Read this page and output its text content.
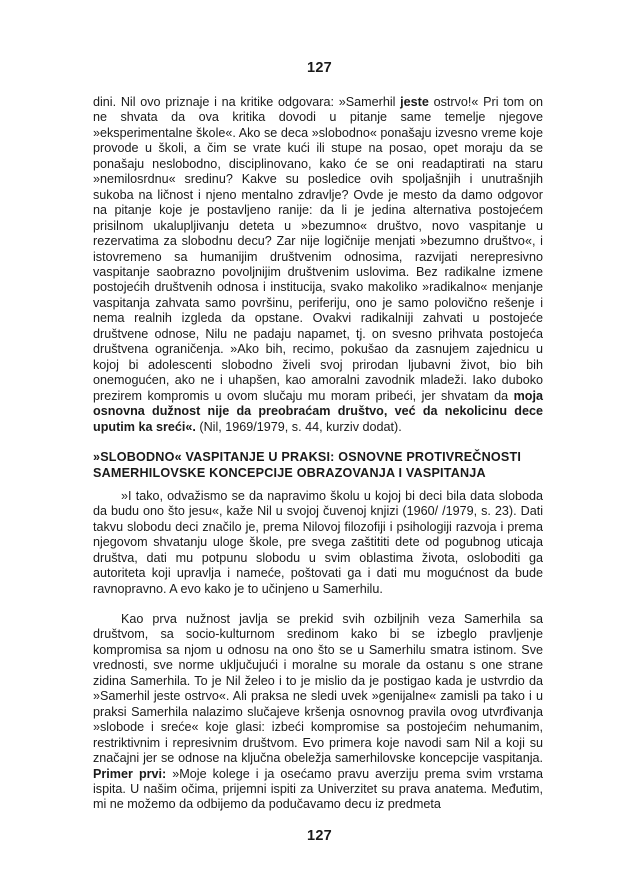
127
dini. Nil ovo priznaje i na kritike odgovara: »Samerhil jeste ostrvo!« Pri tom on ne shvata da ova kritika dovodi u pitanje same temelje njegove »eksperimentalne škole«. Ako se deca »slobodno« ponašaju izvesno vreme koje provode u školi, a čim se vrate kući ili stupe na posao, opet moraju da se ponašaju neslobodno, disciplinovano, kako će se oni readaptirati na staru »nemilosrdnu« sredinu? Kakve su posledice ovih spoljašnjih i unutrašnjih sukoba na ličnost i njeno mentalno zdravlje? Ovde je mesto da damo odgovor na pitanje koje je postavljeno ranije: da li je jedina alternativa postojećem prisilnom ukalupljivanju deteta u »bezumno« društvo, novo vaspitanje u rezervatima za slobodnu decu? Zar nije logičnije menjati »bezumno društvo«, i istovremeno sa humanijim društvenim odnosima, razvijati nerepresivno vaspitanje saobrazno povoljnijim društvenim uslovima. Bez radikalne izmene postojećih društvenih odnosa i institucija, svako makoliko »radikalno« menjanje vaspitanja zahvata samo površinu, periferiju, ono je samo polovično rešenje i nema realnih izgleda da opstane. Ovakvi radikalniji zahvati u postojeće društvene odnose, Nilu ne padaju napamet, tj. on svesno prihvata postojeća društvena ograničenja. »Ako bih, recimo, pokušao da zasnujem zajednicu u kojoj bi adolescenti slobodno živeli svoj prirodan ljubavni život, bio bih onemogućen, ako ne i uhapšen, kao amoralni zavodnik mladeži. Iako duboko prezirem kompromis u ovom slučaju mu moram pribeći, jer shvatam da moja osnovna dužnost nije da preobraćam društvo, već da nekolicinu dece uputim ka sreći«. (Nil, 1969/1979, s. 44, kurziv dodat).
»SLOBODNO« VASPITANJE U PRAKSI: OSNOVNE PROTIVREČNOSTI SAMERHILOVSKE KONCEPCIJE OBRAZOVANJA I VASPITANJA
»I tako, odvažismo se da napravimo školu u kojoj bi deci bila data sloboda da budu ono što jesu«, kaže Nil u svojoj čuvenoj knjizi (1960/ /1979, s. 23). Dati takvu slobodu deci značilo je, prema Nilovoj filozofiji i psihologiji razvoja i prema njegovom shvatanju uloge škole, pre svega zaštititi dete od pogubnog uticaja društva, dati mu potpunu slobodu u svim oblastima života, osloboditi ga autoriteta koji upravlja i nameće, poštovati ga i dati mu mogućnost da bude ravnopravno. A evo kako je to učinjeno u Samerhilu.
Kao prva nužnost javlja se prekid svih ozbiljnih veza Samerhila sa društvom, sa socio-kulturnom sredinom kako bi se izbeglo pravljenje kompromisa sa njom u odnosu na ono što se u Samerhilu smatra istinom. Sve vrednosti, sve norme uključujući i moralne su morale da ostanu s one strane zidina Samerhila. To je Nil želeo i to je mislio da je postigao kada je ustvrdio da »Samerhil jeste ostrvo«. Ali praksa ne sledi uvek »genijalne« zamisli pa tako i u praksi Samerhila nalazimo slučajeve kršenja osnovnog pravila ovog utvrđivanja »slobode i sreće« koje glasi: izbeći kompromise sa postojećim nehumanim, restriktivnim i represivnim društvom. Evo primera koje navodi sam Nil a koji su značajni jer se odnose na ključna obeležja samerhilovske koncepcije vaspitanja. Primer prvi: »Moje kolege i ja osećamo pravu averziju prema svim vrstama ispita. U našim očima, prijemni ispiti za Univerzitet su prava anatema. Međutim, mi ne možemo da odbijemo da podučavamo decu iz predmeta
127
